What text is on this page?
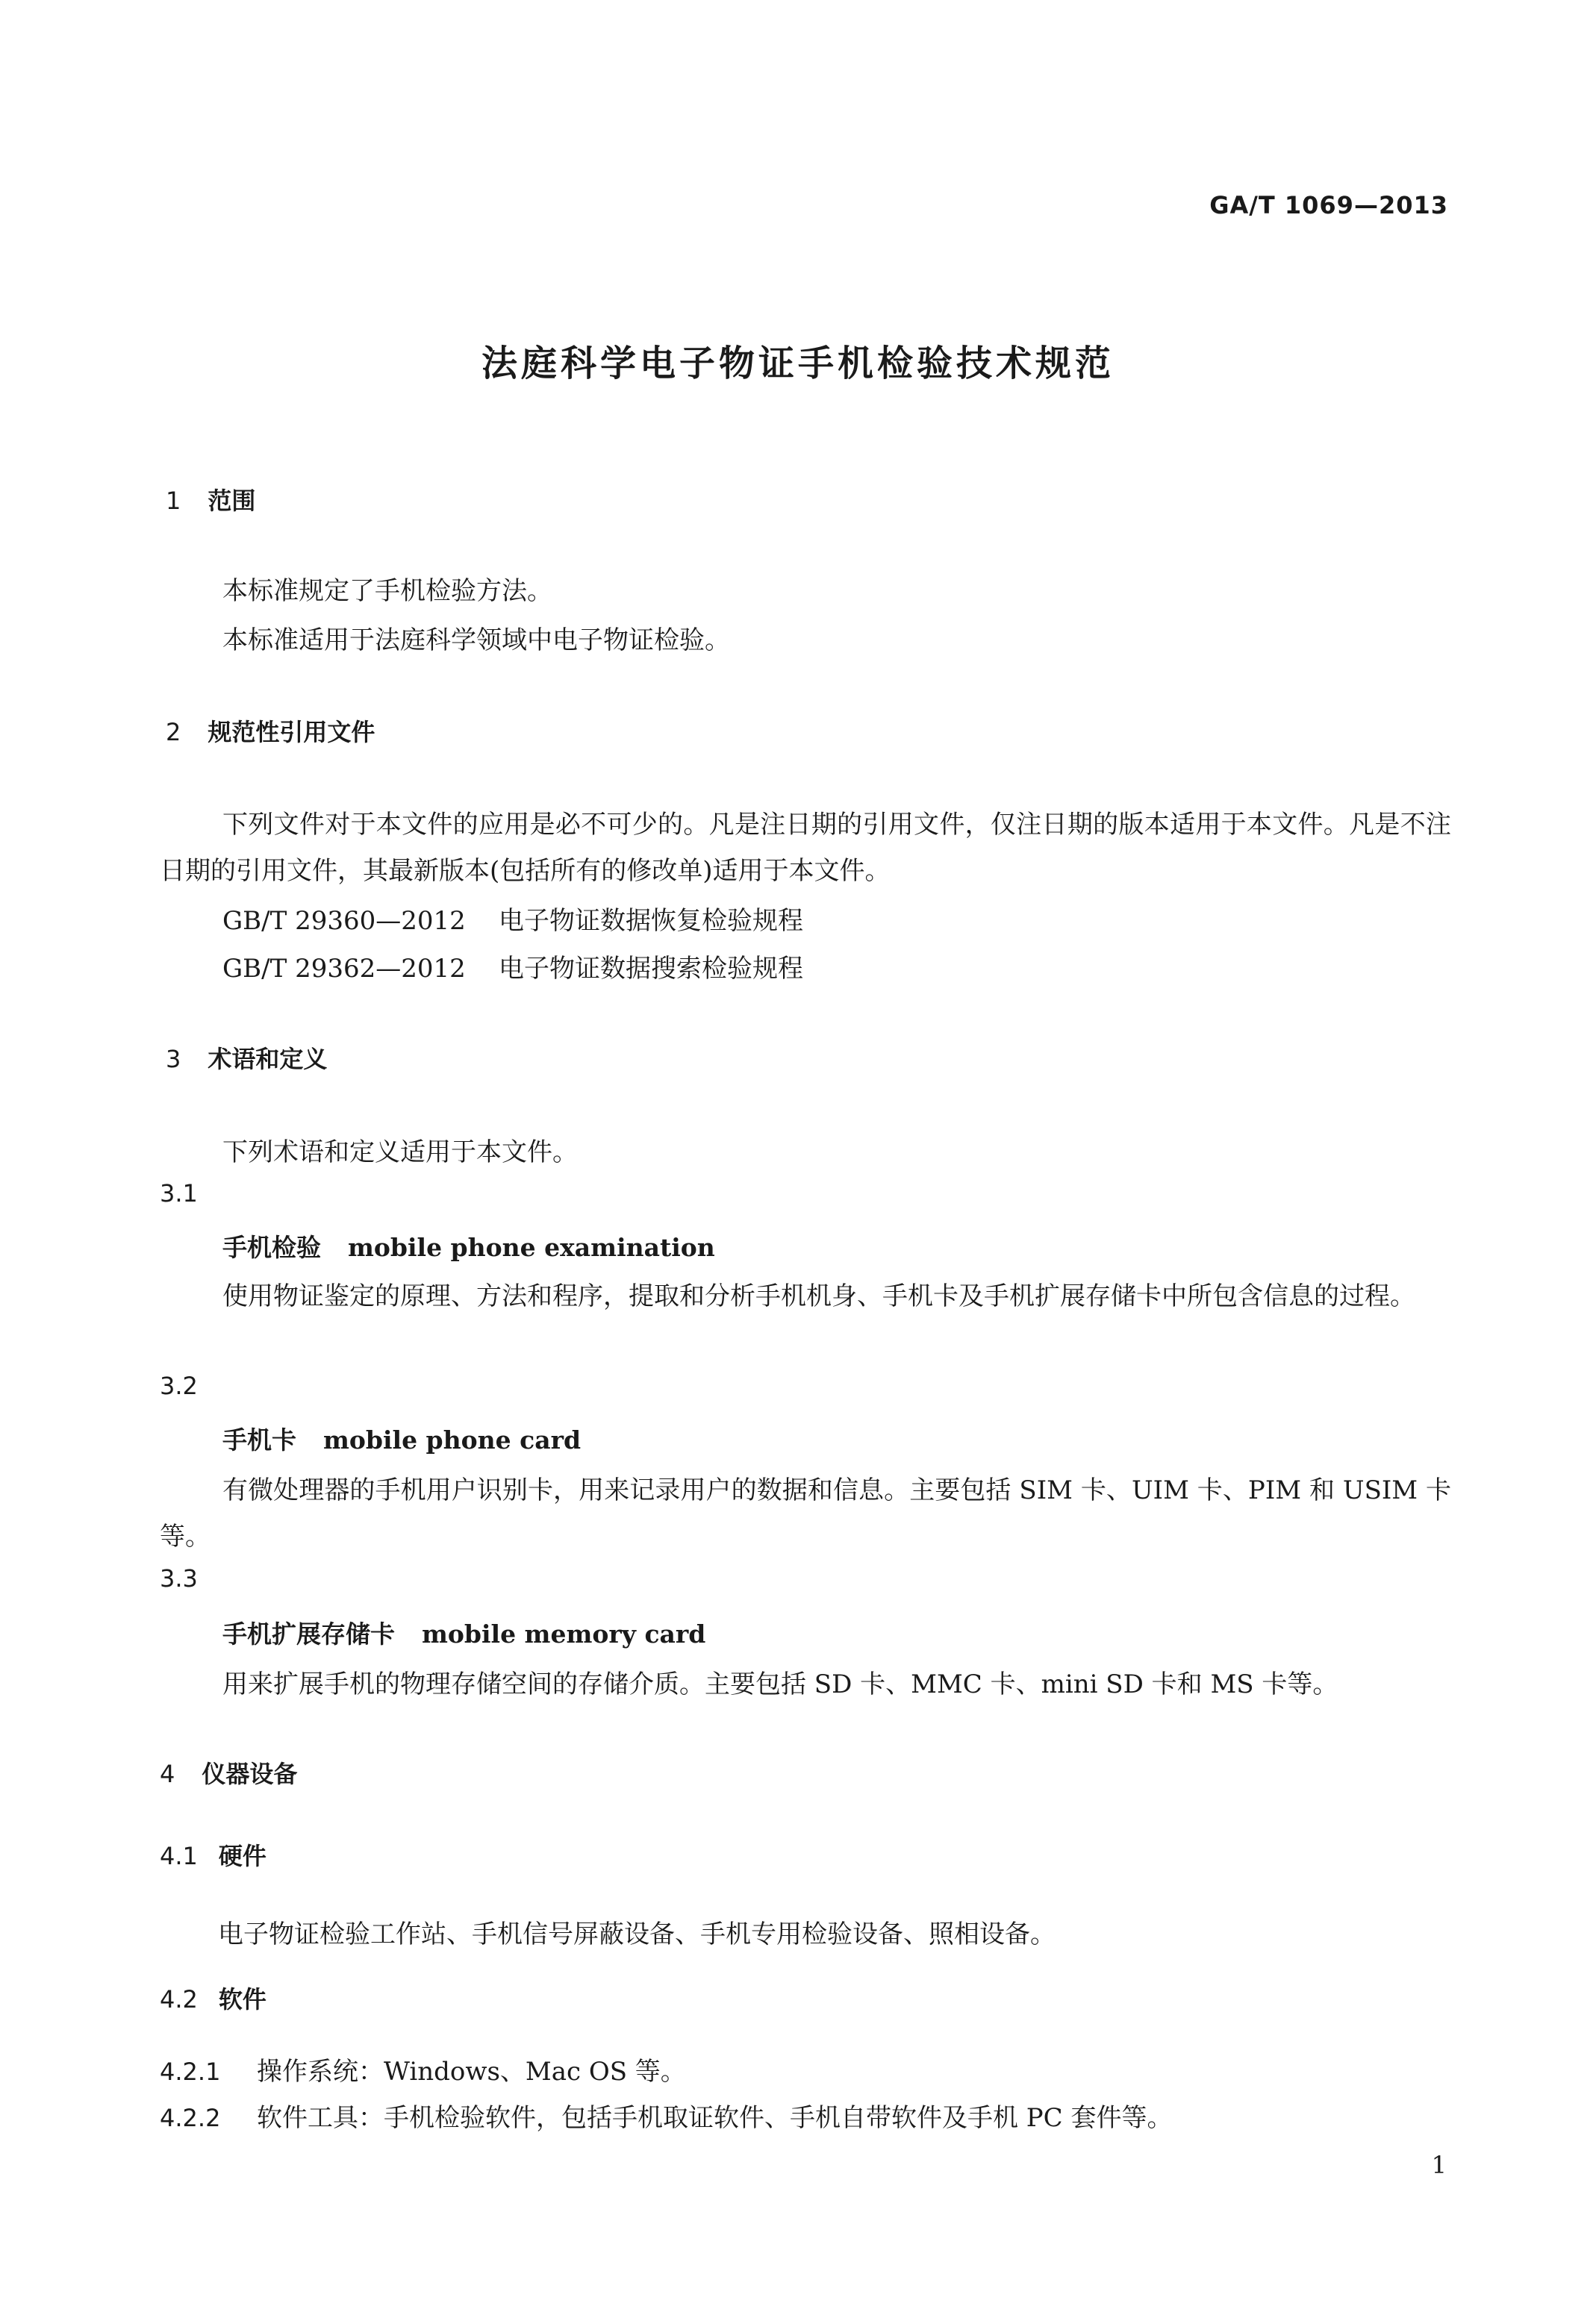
GA/T 1069—2013
法庭科学电子物证手机检验技术规范
1 范围
本标准规定了手机检验方法。
本标准适用于法庭科学领域中电子物证检验。
2 规范性引用文件
下列文件对于本文件的应用是必不可少的。凡是注日期的引用文件，仅注日期的版本适用于本文件。凡是不注日期的引用文件，其最新版本(包括所有的修改单)适用于本文件。
GB/T 29360—2012 电子物证数据恢复检验规程
GB/T 29362—2012 电子物证数据搜索检验规程
3 术语和定义
下列术语和定义适用于本文件。
3.1
手机检验 mobile phone examination
使用物证鉴定的原理、方法和程序，提取和分析手机机身、手机卡及手机扩展存储卡中所包含信息的过程。
3.2
手机卡 mobile phone card
有微处理器的手机用户识别卡，用来记录用户的数据和信息。主要包括 SIM 卡、UIM 卡、PIM 和 USIM 卡等。
3.3
手机扩展存储卡 mobile memory card
用来扩展手机的物理存储空间的存储介质。主要包括 SD 卡、MMC 卡、mini SD 卡和 MS 卡等。
4 仪器设备
4.1 硬件
电子物证检验工作站、手机信号屏蔽设备、手机专用检验设备、照相设备。
4.2 软件
4.2.1 操作系统：Windows、Mac OS 等。
4.2.2 软件工具：手机检验软件，包括手机取证软件、手机自带软件及手机 PC 套件等。
1
